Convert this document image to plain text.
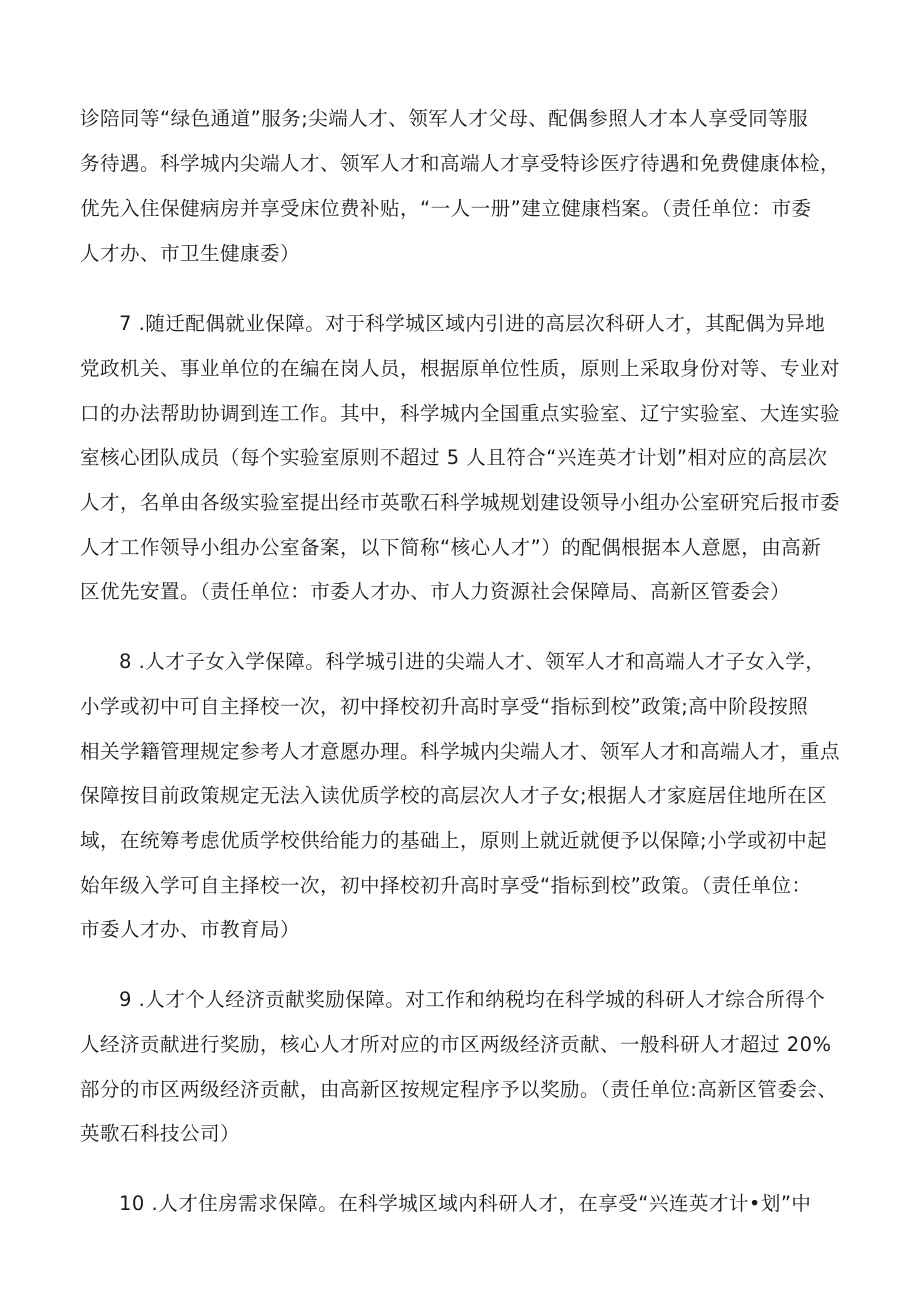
诊陪同等“绿色通道”服务;尖端人才、领军人才父母、配偶参照人才本人享受同等服
务待遇。科学城内尖端人才、领军人才和高端人才享受特诊医疗待遇和免费健康体检，
优先入住保健病房并享受床位费补贴，“一人一册”建立健康档案。（责任单位：市委
人才办、市卫生健康委）
7 .随迁配偶就业保障。对于科学城区域内引进的高层次科研人才，其配偶为异地
党政机关、事业单位的在编在岗人员，根据原单位性质，原则上采取身份对等、专业对
口的办法帮助协调到连工作。其中，科学城内全国重点实验室、辽宁实验室、大连实验
室核心团队成员（每个实验室原则不超过 5 人且符合“兴连英才计划”相对应的高层次
人才，名单由各级实验室提出经市英歌石科学城规划建设领导小组办公室研究后报市委
人才工作领导小组办公室备案，以下简称“核心人才”）的配偶根据本人意愿，由高新
区优先安置。（责任单位：市委人才办、市人力资源社会保障局、高新区管委会）
8 .人才子女入学保障。科学城引进的尖端人才、领军人才和高端人才子女入学，
小学或初中可自主择校一次，初中择校初升高时享受“指标到校”政策;高中阶段按照
相关学籍管理规定参考人才意愿办理。科学城内尖端人才、领军人才和高端人才，重点
保障按目前政策规定无法入读优质学校的高层次人才子女;根据人才家庭居住地所在区
域，在统筹考虑优质学校供给能力的基础上，原则上就近就便予以保障;小学或初中起
始年级入学可自主择校一次，初中择校初升高时享受“指标到校”政策。（责任单位：
市委人才办、市教育局）
9 .人才个人经济贡献奖励保障。对工作和纳税均在科学城的科研人才综合所得个
人经济贡献进行奖励，核心人才所对应的市区两级经济贡献、一般科研人才超过 20%
部分的市区两级经济贡献，由高新区按规定程序予以奖励。（责任单位:高新区管委会、
英歌石科技公司）
10 .人才住房需求保障。在科学城区域内科研人才，在享受“兴连英才计•划”中
